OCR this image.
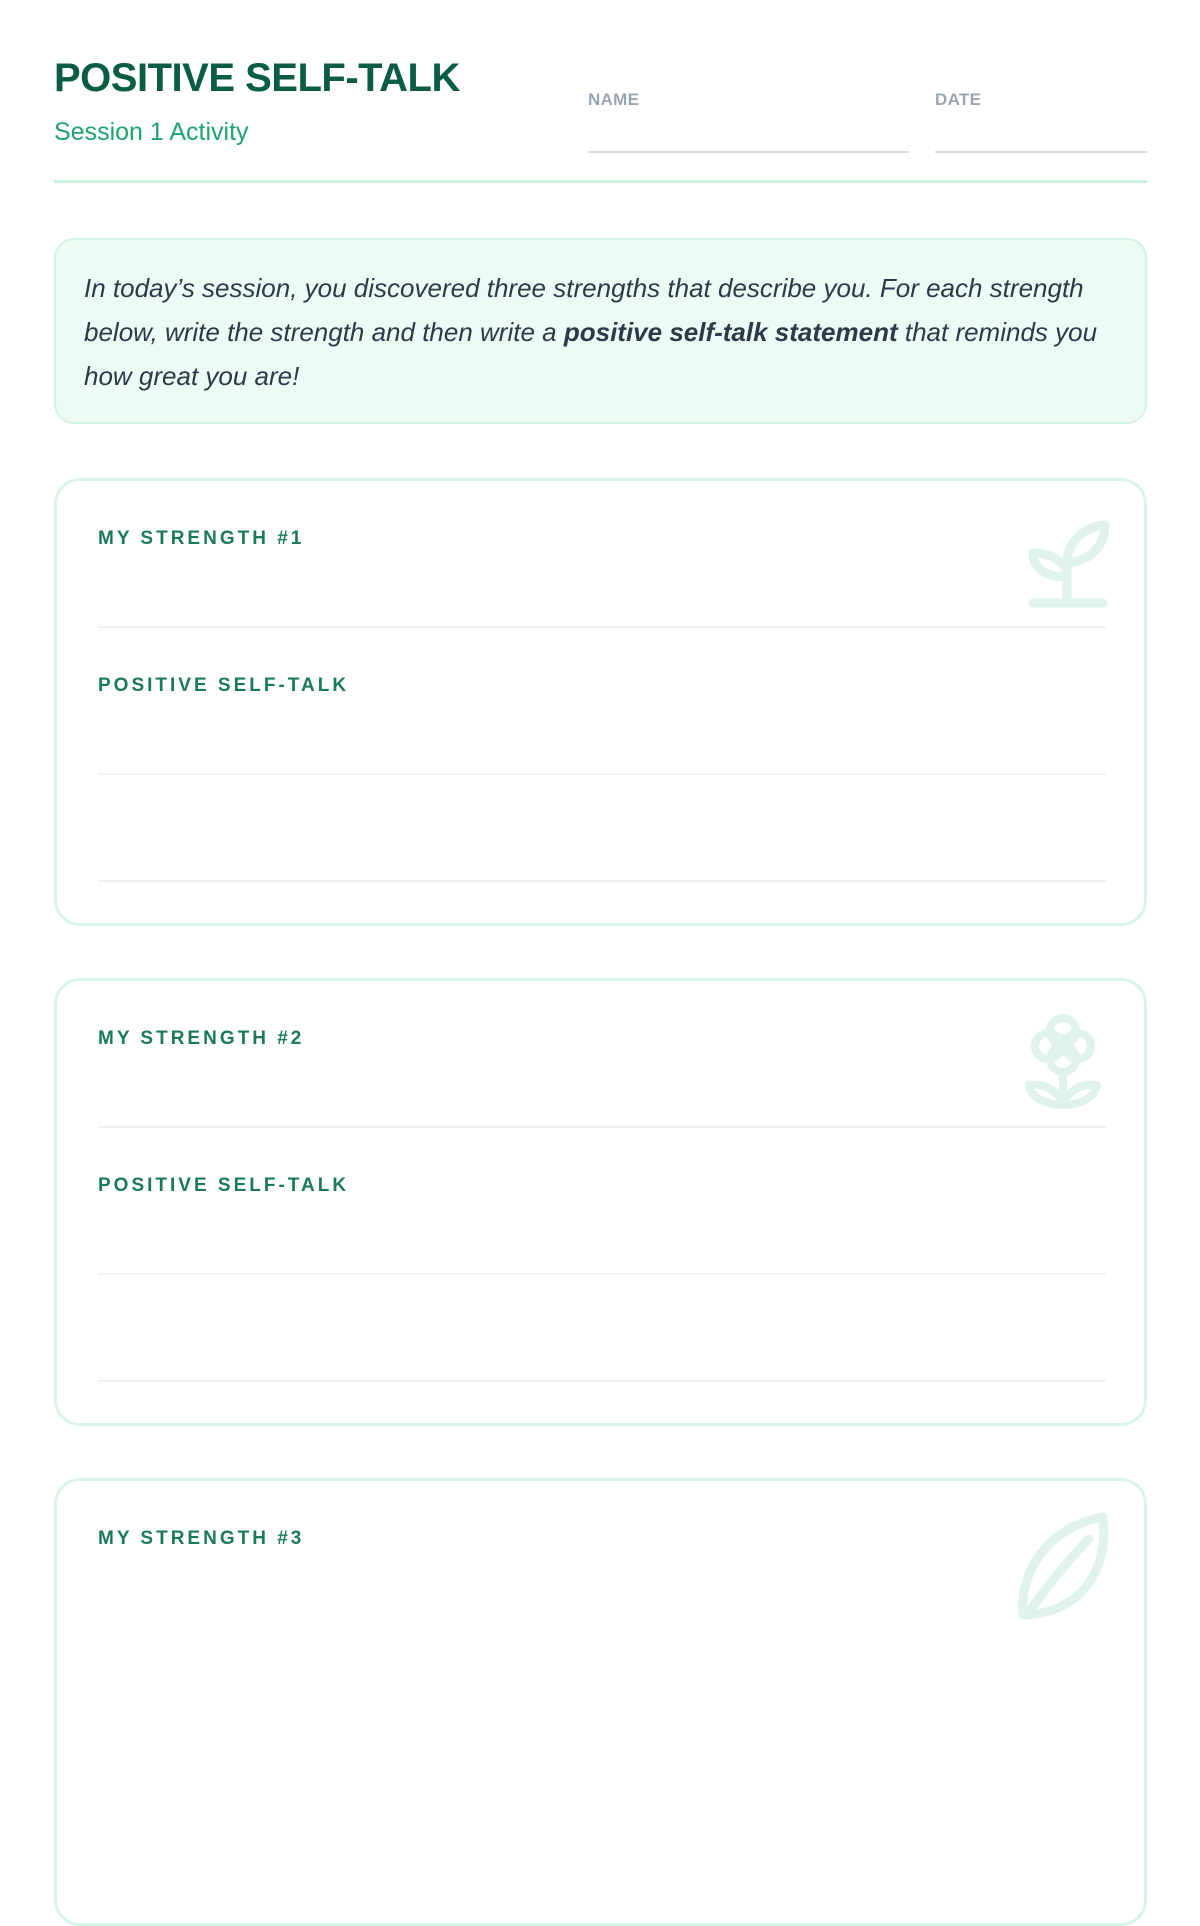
POSITIVE SELF-TALK
Session 1 Activity
NAME	DATE
In today’s session, you discovered three strengths that describe you. For each strength below, write the strength and then write a positive self-talk statement that reminds you how great you are!
MY STRENGTH #1
POSITIVE SELF-TALK
MY STRENGTH #2
POSITIVE SELF-TALK
MY STRENGTH #3
